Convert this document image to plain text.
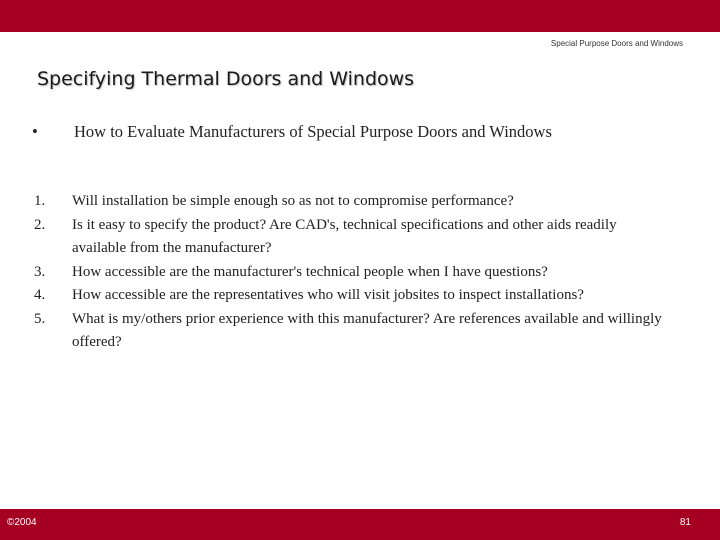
Special Purpose Doors and Windows
Specifying Thermal Doors and Windows
•	How to Evaluate Manufacturers of Special Purpose Doors and Windows
1.	Will installation be simple enough so as not to compromise performance?
2.	Is it easy to specify the product? Are CAD's, technical specifications and other aids readily available from the manufacturer?
3.	How accessible are the manufacturer's technical people when I have questions?
4.	How accessible are the representatives who will visit jobsites to inspect installations?
5.	What is my/others prior experience with this manufacturer? Are references available and willingly offered?
©2004	81
